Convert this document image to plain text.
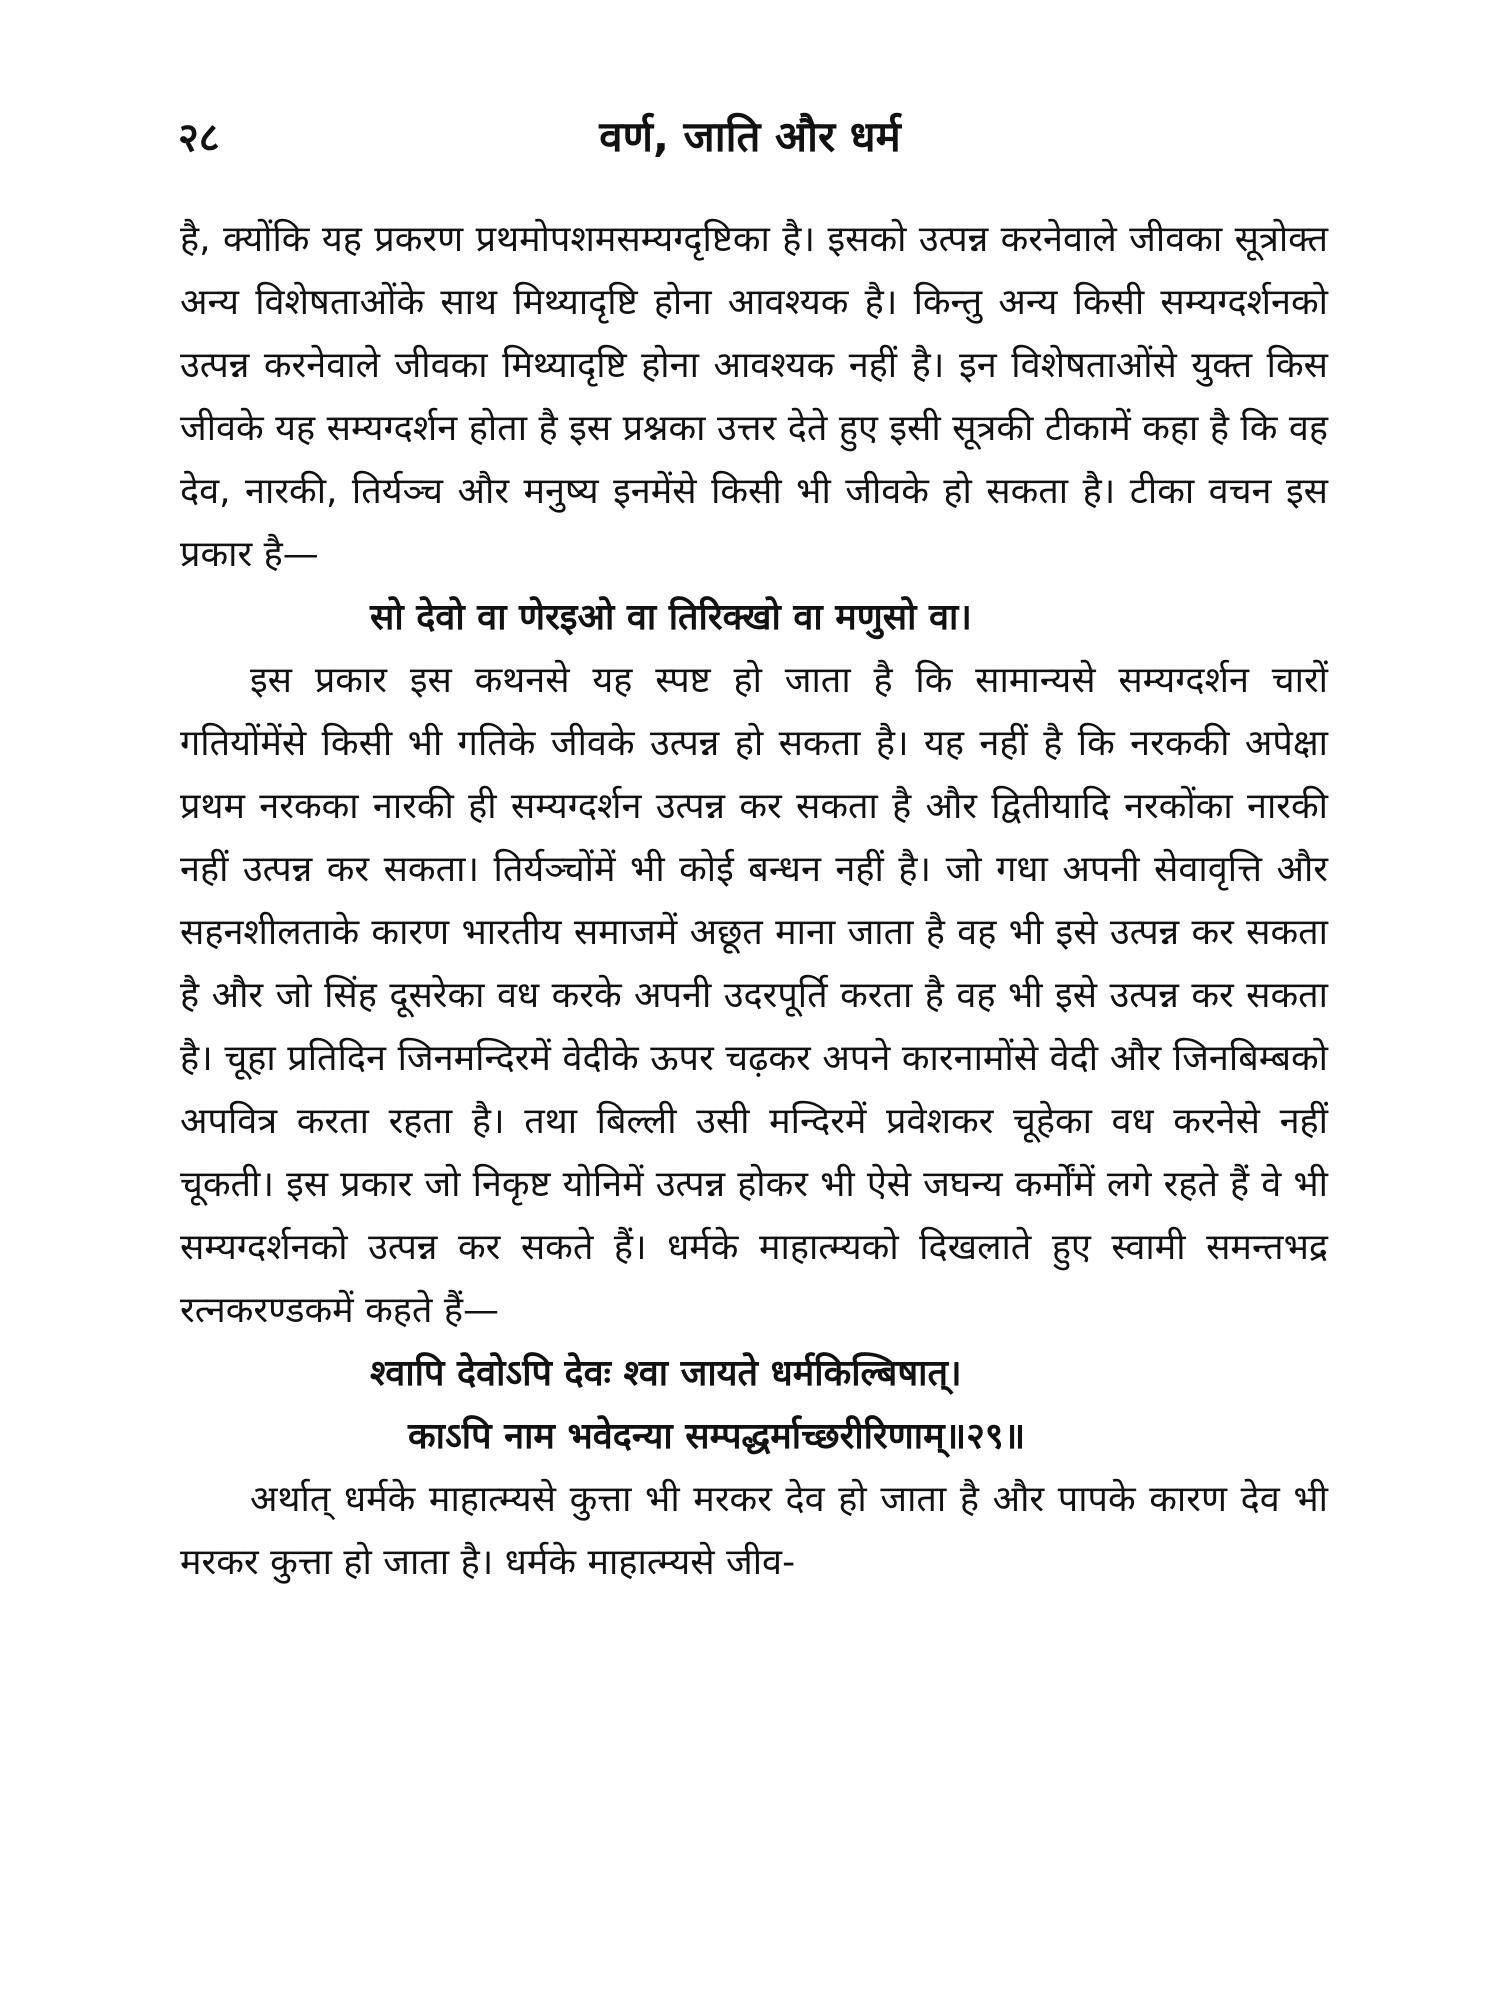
२८	वर्ण, जाति और धर्म

है, क्योंकि यह प्रकरण प्रथमोपशमसम्यग्दृष्टिका है। इसको उत्पन्न करनेवाले जीवका सूत्रोक्त अन्य विशेषताओंके साथ मिथ्यादृष्टि होना आवश्यक है। किन्तु अन्य किसी सम्यग्दर्शनको उत्पन्न करनेवाले जीवका मिथ्यादृष्टि होना आवश्यक नहीं है। इन विशेषताओंसे युक्त किस जीवके यह सम्यग्दर्शन होता है इस प्रश्नका उत्तर देते हुए इसी सूत्रकी टीकामें कहा है कि वह देव, नारकी, तिर्यञ्च और मनुष्य इनमेंसे किसी भी जीवके हो सकता है। टीका वचन इस प्रकार है—

सो देवो वा णेरइओ वा तिरिक्खो वा मणुसो वा।

इस प्रकार इस कथनसे यह स्पष्ट हो जाता है कि सामान्यसे सम्यग्दर्शन चारों गतियोंमेंसे किसी भी गतिके जीवके उत्पन्न हो सकता है। यह नहीं है कि नरककी अपेक्षा प्रथम नरकका नारकी ही सम्यग्दर्शन उत्पन्न कर सकता है और द्वितीयादि नरकोंका नारकी नहीं उत्पन्न कर सकता। तिर्यञ्चोंमें भी कोई बन्धन नहीं है। जो गधा अपनी सेवावृत्ति और सहनशीलताके कारण भारतीय समाजमें अछूत माना जाता है वह भी इसे उत्पन्न कर सकता है और जो सिंह दूसरेका वध करके अपनी उदरपूर्ति करता है वह भी इसे उत्पन्न कर सकता है। चूहा प्रतिदिन जिनमन्दिरमें वेदीके ऊपर चढ़कर अपने कारनामोंसे वेदी और जिनबिम्बको अपवित्र करता रहता है। तथा बिल्ली उसी मन्दिरमें प्रवेशकर चूहेका वध करनेसे नहीं चूकती। इस प्रकार जो निकृष्ट योनिमें उत्पन्न होकर भी ऐसे जघन्य कर्मोंमें लगे रहते हैं वे भी सम्यग्दर्शनको उत्पन्न कर सकते हैं। धर्मके माहात्म्यको दिखलाते हुए स्वामी समन्तभद्र रत्नकरण्डकमें कहते हैं—

श्वापि देवोऽपि देवः श्वा जायते धर्मकिल्बिषात्।

काऽपि नाम भवेदन्या सम्पद्धर्माच्छरीरिणाम्॥२९॥

अर्थात् धर्मके माहात्म्यसे कुत्ता भी मरकर देव हो जाता है और पापके कारण देव भी मरकर कुत्ता हो जाता है। धर्मके माहात्म्यसे जीव-
